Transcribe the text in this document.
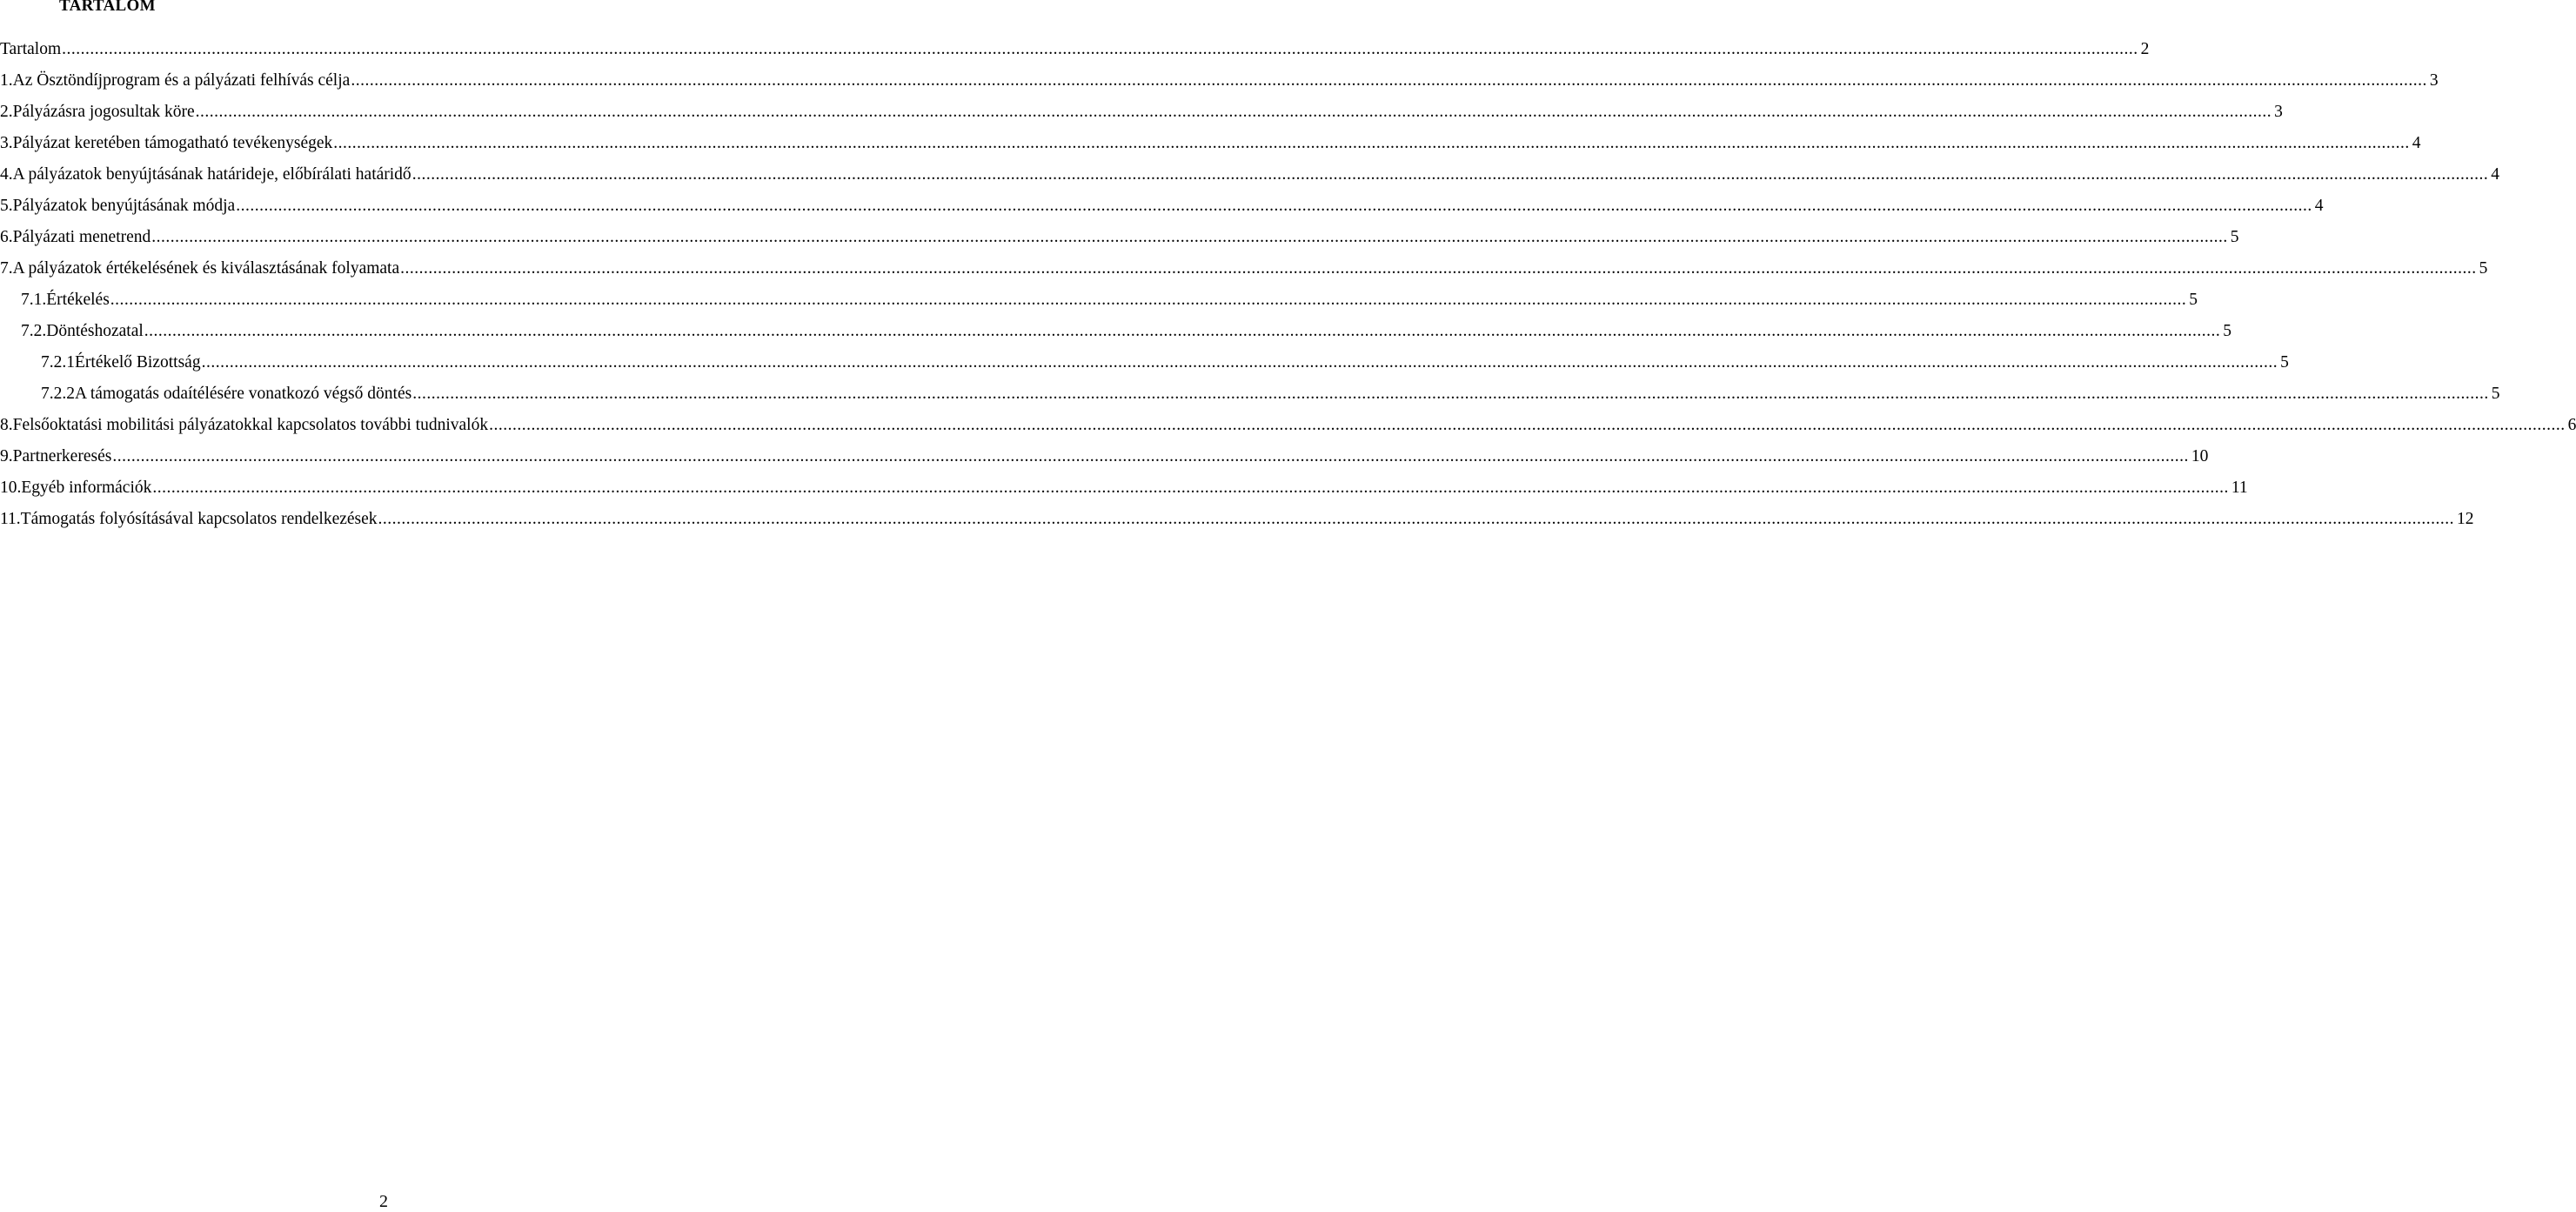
TARTALOM
Tartalom .....	2
1. Az Ösztöndíjprogram és a pályázati felhívás célja .....	3
2. Pályázásra jogosultak köre .....	3
3. Pályázat keretében támogatható tevékenységek .....	4
4. A pályázatok benyújtásának határideje, előbírálati határidő .....	4
5. Pályázatok benyújtásának módja .....	4
6. Pályázati menetrend .....	5
7. A pályázatok értékelésének és kiválasztásának folyamata .....	5
7.1. Értékelés .....	5
7.2. Döntéshozatal .....	5
7.2.1 Értékelő Bizottság .....	5
7.2.2 A támogatás odaítélésére vonatkozó végső döntés .....	5
8. Felsőoktatási mobilitási pályázatokkal kapcsolatos további tudnivalók .....	6
9. Partnerkeresés .....	10
10. Egyéb információk .....	11
11. Támogatás folyósításával kapcsolatos rendelkezések .....	12
2
